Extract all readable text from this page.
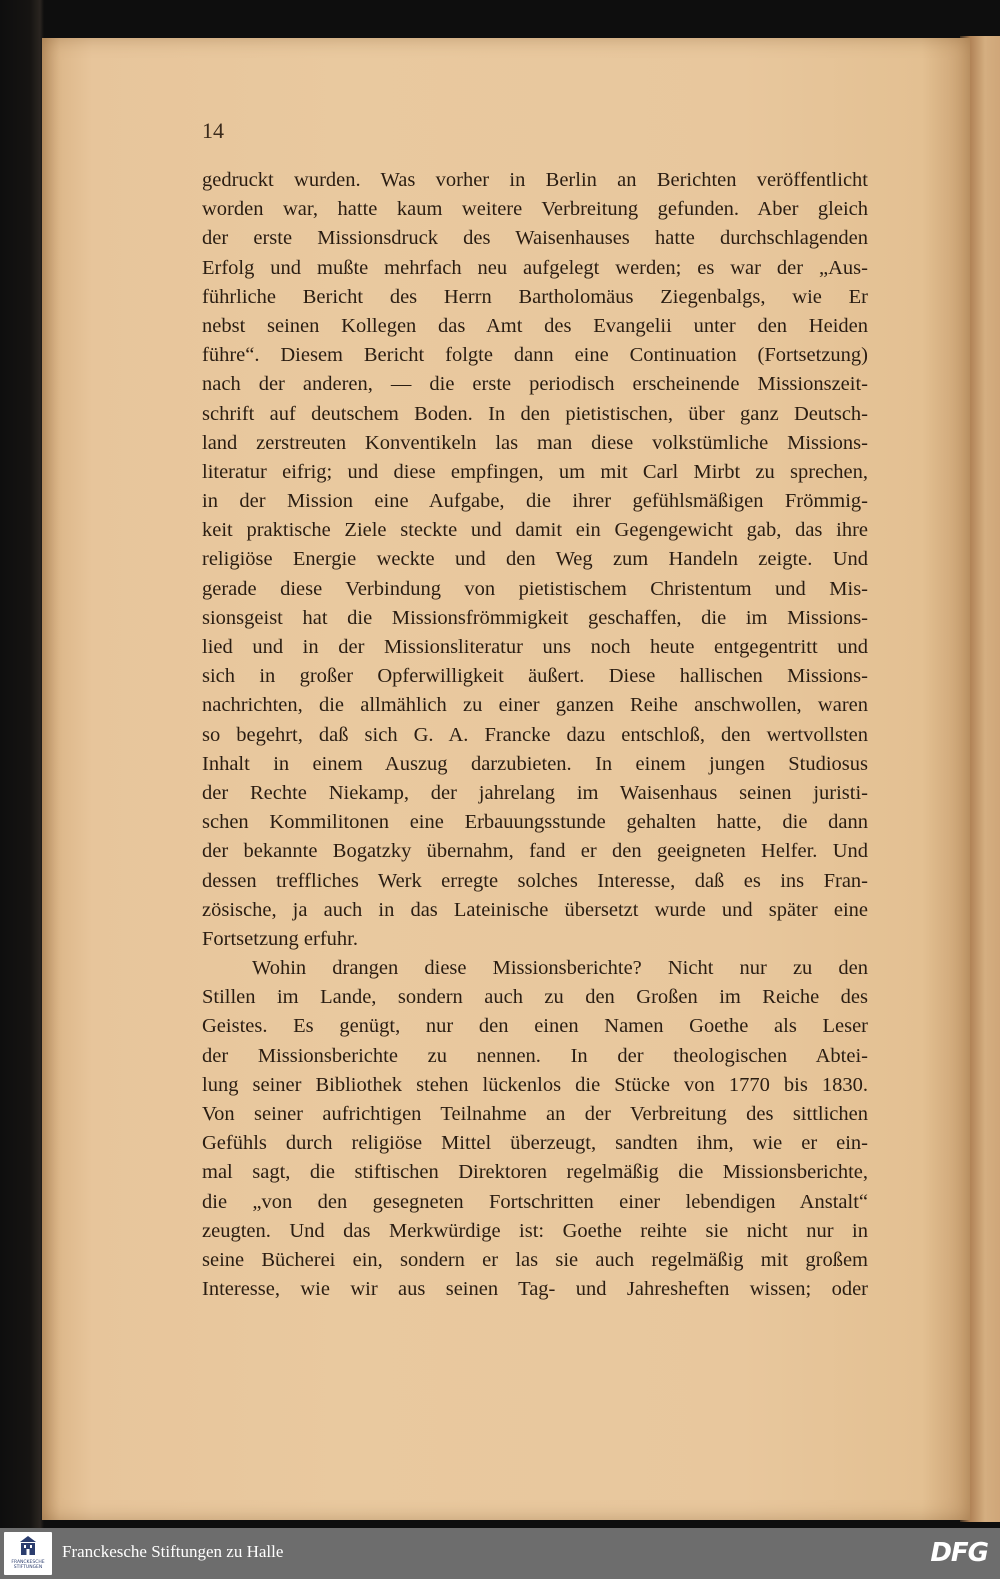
14
gedruckt wurden. Was vorher in Berlin an Berichten veröffentlicht
worden war, hatte kaum weitere Verbreitung gefunden. Aber gleich
der erste Missionsdruck des Waisenhauses hatte durchschlagenden
Erfolg und mußte mehrfach neu aufgelegt werden; es war der „Aus-
führliche Bericht des Herrn Bartholomäus Ziegenbalgs, wie Er
nebst seinen Kollegen das Amt des Evangelii unter den Heiden
führe“. Diesem Bericht folgte dann eine Continuation (Fortsetzung)
nach der anderen, — die erste periodisch erscheinende Missionszeit-
schrift auf deutschem Boden. In den pietistischen, über ganz Deutsch-
land zerstreuten Konventikeln las man diese volkstümliche Missions-
literatur eifrig; und diese empfingen, um mit Carl Mirbt zu sprechen,
in der Mission eine Aufgabe, die ihrer gefühlsmäßigen Frömmig-
keit praktische Ziele steckte und damit ein Gegengewicht gab, das ihre
religiöse Energie weckte und den Weg zum Handeln zeigte. Und
gerade diese Verbindung von pietistischem Christentum und Mis-
sionsgeist hat die Missionsfrömmigkeit geschaffen, die im Missions-
lied und in der Missionsliteratur uns noch heute entgegentritt und
sich in großer Opferwilligkeit äußert. Diese hallischen Missions-
nachrichten, die allmählich zu einer ganzen Reihe anschwollen, waren
so begehrt, daß sich G. A. Francke dazu entschloß, den wertvollsten
Inhalt in einem Auszug darzubieten. In einem jungen Studiosus
der Rechte Niekamp, der jahrelang im Waisenhaus seinen juristi-
schen Kommilitonen eine Erbauungsstunde gehalten hatte, die dann
der bekannte Bogatzky übernahm, fand er den geeigneten Helfer. Und
dessen treffliches Werk erregte solches Interesse, daß es ins Fran-
zösische, ja auch in das Lateinische übersetzt wurde und später eine
Fortsetzung erfuhr.
Wohin drangen diese Missionsberichte? Nicht nur zu den
Stillen im Lande, sondern auch zu den Großen im Reiche des
Geistes. Es genügt, nur den einen Namen Goethe als Leser
der Missionsberichte zu nennen. In der theologischen Abtei-
lung seiner Bibliothek stehen lückenlos die Stücke von 1770 bis 1830.
Von seiner aufrichtigen Teilnahme an der Verbreitung des sittlichen
Gefühls durch religiöse Mittel überzeugt, sandten ihm, wie er ein-
mal sagt, die stiftischen Direktoren regelmäßig die Missionsberichte,
die „von den gesegneten Fortschritten einer lebendigen Anstalt“
zeugten. Und das Merkwürdige ist: Goethe reihte sie nicht nur in
seine Bücherei ein, sondern er las sie auch regelmäßig mit großem
Interesse, wie wir aus seinen Tag- und Jahresheften wissen; oder
FRANCKESCHE STIFTUNGEN
Franckesche Stiftungen zu Halle	DFG
